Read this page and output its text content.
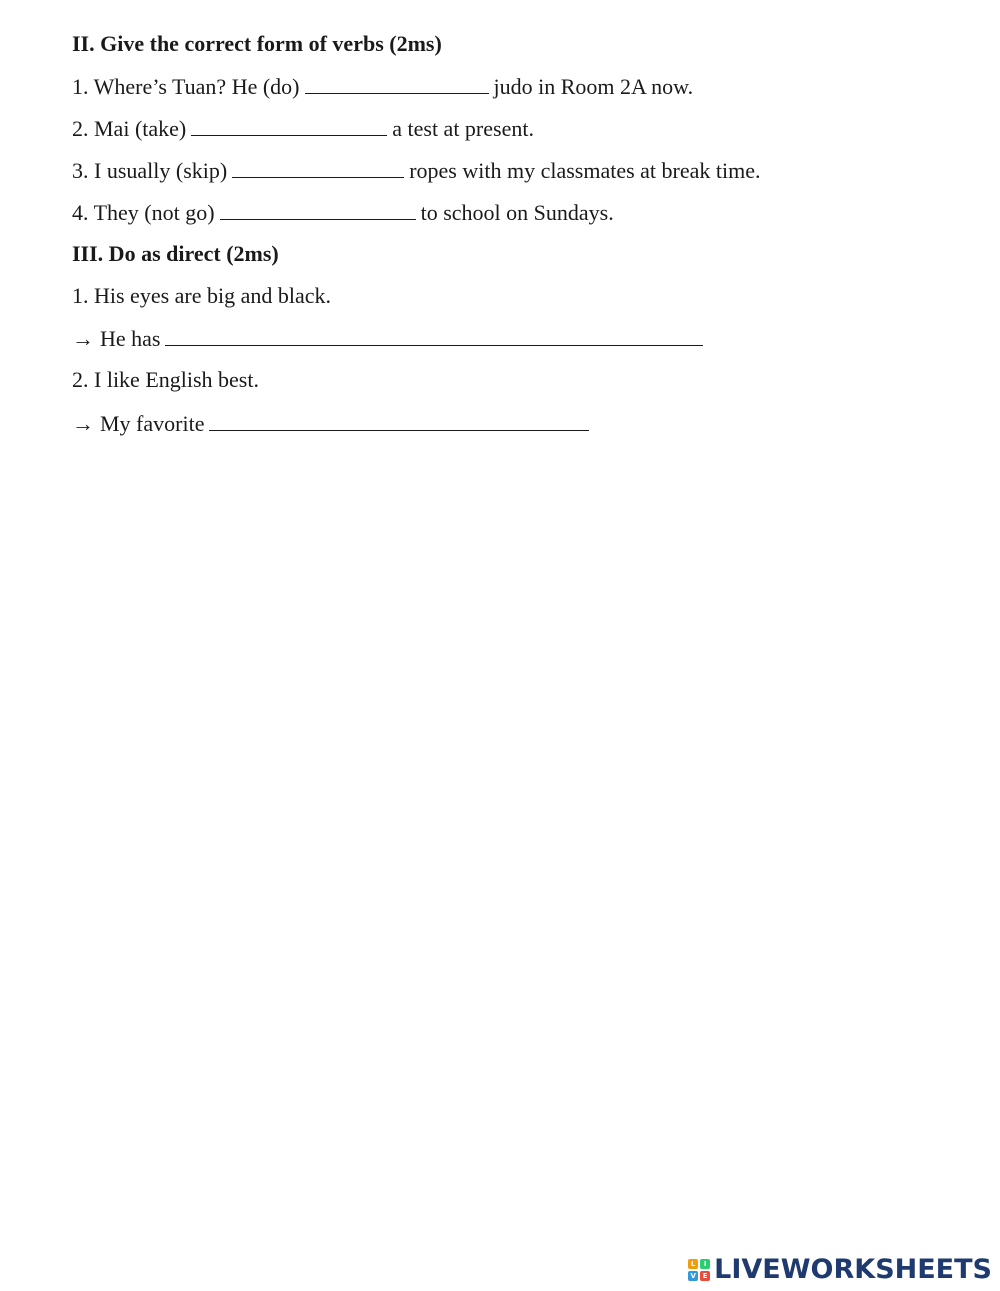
II. Give the correct form of verbs (2ms)
1. Where’s Tuan? He (do)	judo in Room 2A now.
2. Mai (take)	a test at present.
3. I usually (skip)	ropes with my classmates at break time.
4. They (not go)	to school on Sundays.
III. Do as direct (2ms)
1. His eyes are big and black.
→ He has
2. I like English best.
→ My favorite
L	I
V E LIVEWORKSHEETS
